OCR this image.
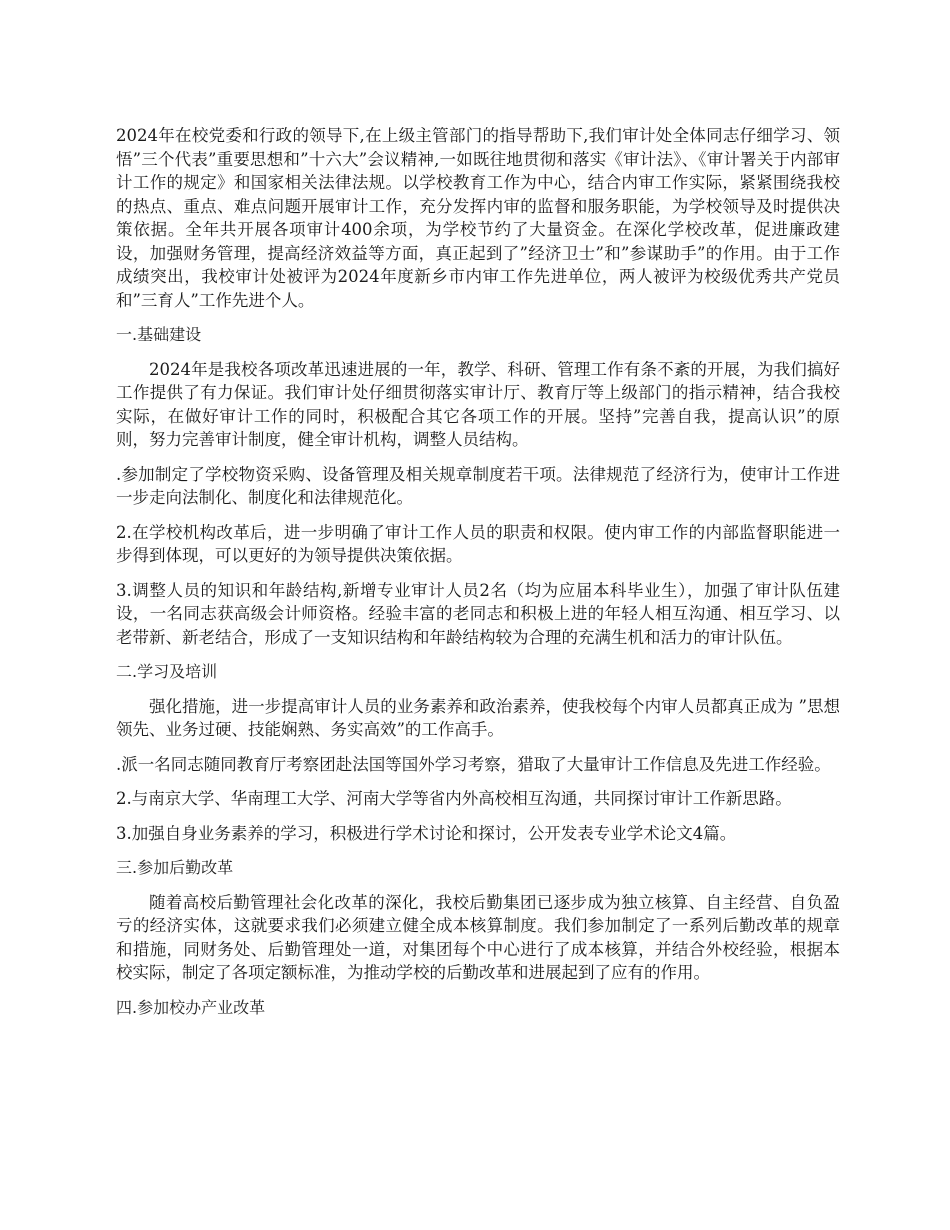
2024年在校党委和行政的领导下,在上级主管部门的指导帮助下,我们审计处全体同志仔细学习、领悟”三个代表”重要思想和”十六大”会议精神,一如既往地贯彻和落实《审计法》、《审计署关于内部审计工作的规定》和国家相关法律法规。以学校教育工作为中心，结合内审工作实际，紧紧围绕我校的热点、重点、难点问题开展审计工作，充分发挥内审的监督和服务职能，为学校领导及时提供决策依据。全年共开展各项审计400余项，为学校节约了大量资金。在深化学校改革，促进廉政建设，加强财务管理，提高经济效益等方面，真正起到了”经济卫士”和”参谋助手”的作用。由于工作成绩突出，我校审计处被评为2024年度新乡市内审工作先进单位，两人被评为校级优秀共产党员和”三育人”工作先进个人。

一.基础建设

2024年是我校各项改革迅速进展的一年，教学、科研、管理工作有条不紊的开展，为我们搞好工作提供了有力保证。我们审计处仔细贯彻落实审计厅、教育厅等上级部门的指示精神，结合我校实际，在做好审计工作的同时，积极配合其它各项工作的开展。坚持”完善自我，提高认识”的原则，努力完善审计制度，健全审计机构，调整人员结构。

.参加制定了学校物资采购、设备管理及相关规章制度若干项。法律规范了经济行为，使审计工作进一步走向法制化、制度化和法律规范化。

2.在学校机构改革后，进一步明确了审计工作人员的职责和权限。使内审工作的内部监督职能进一步得到体现，可以更好的为领导提供决策依据。

3.调整人员的知识和年龄结构,新增专业审计人员2名（均为应届本科毕业生），加强了审计队伍建设，一名同志获高级会计师资格。经验丰富的老同志和积极上进的年轻人相互沟通、相互学习、以老带新、新老结合，形成了一支知识结构和年龄结构较为合理的充满生机和活力的审计队伍。

二.学习及培训

强化措施，进一步提高审计人员的业务素养和政治素养，使我校每个内审人员都真正成为 ”思想领先、业务过硬、技能娴熟、务实高效”的工作高手。

.派一名同志随同教育厅考察团赴法国等国外学习考察，猎取了大量审计工作信息及先进工作经验。

2.与南京大学、华南理工大学、河南大学等省内外高校相互沟通，共同探讨审计工作新思路。

3.加强自身业务素养的学习，积极进行学术讨论和探讨，公开发表专业学术论文4篇。

三.参加后勤改革

随着高校后勤管理社会化改革的深化，我校后勤集团已逐步成为独立核算、自主经营、自负盈亏的经济实体，这就要求我们必须建立健全成本核算制度。我们参加制定了一系列后勤改革的规章和措施，同财务处、后勤管理处一道，对集团每个中心进行了成本核算，并结合外校经验，根据本校实际，制定了各项定额标准，为推动学校的后勤改革和进展起到了应有的作用。

四.参加校办产业改革
